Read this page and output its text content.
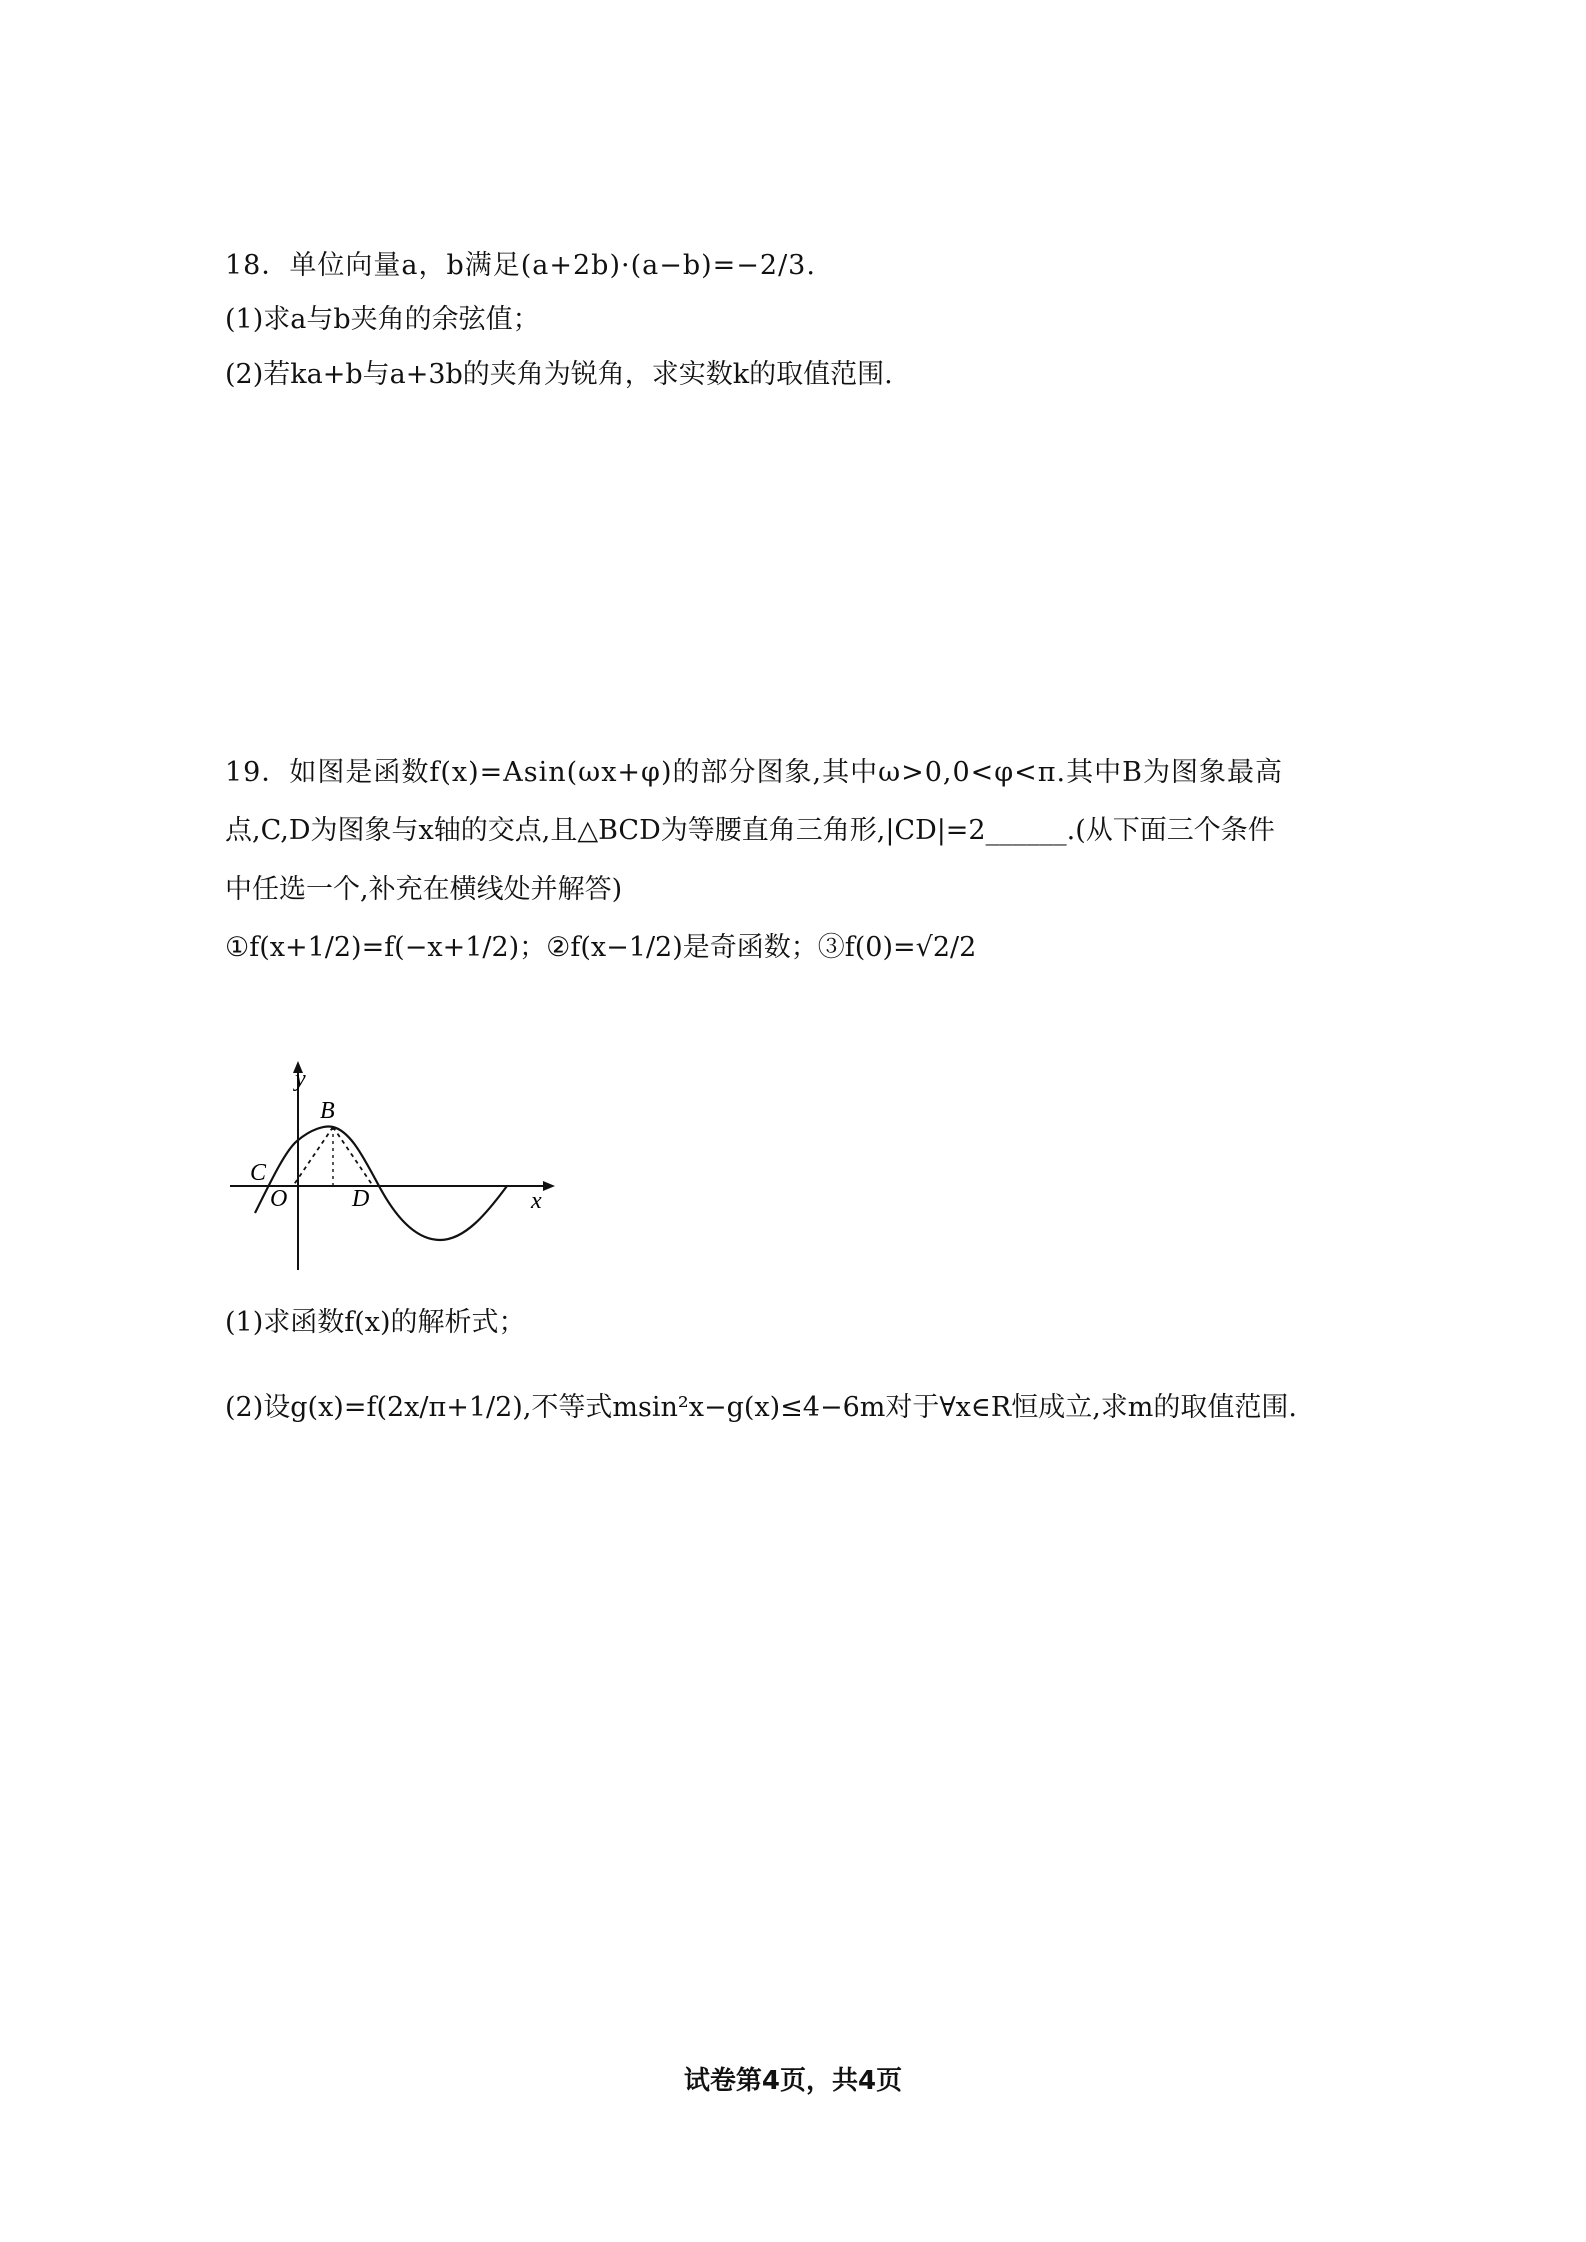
18．单位向量a，b满足(a+2b)·(a−b)=−2/3.
(1)求a与b夹角的余弦值；
(2)若ka+b与a+3b的夹角为锐角，求实数k的取值范围.
19．如图是函数f(x)=Asin(ωx+φ)的部分图象,其中ω>0,0<φ<π.其中B为图象最高
点,C,D为图象与x轴的交点,且△BCD为等腰直角三角形,|CD|=2______.(从下面三个条件
中任选一个,补充在横线处并解答)
①f(x+1/2)=f(−x+1/2)；②f(x−1/2)是奇函数；③f(0)=√2/2
y
x
B
C
O	D
(1)求函数f(x)的解析式；
(2)设g(x)=f(2x/π+1/2),不等式msin²x−g(x)≤4−6m对于∀x∈R恒成立,求m的取值范围.
试卷第4页，共4页
